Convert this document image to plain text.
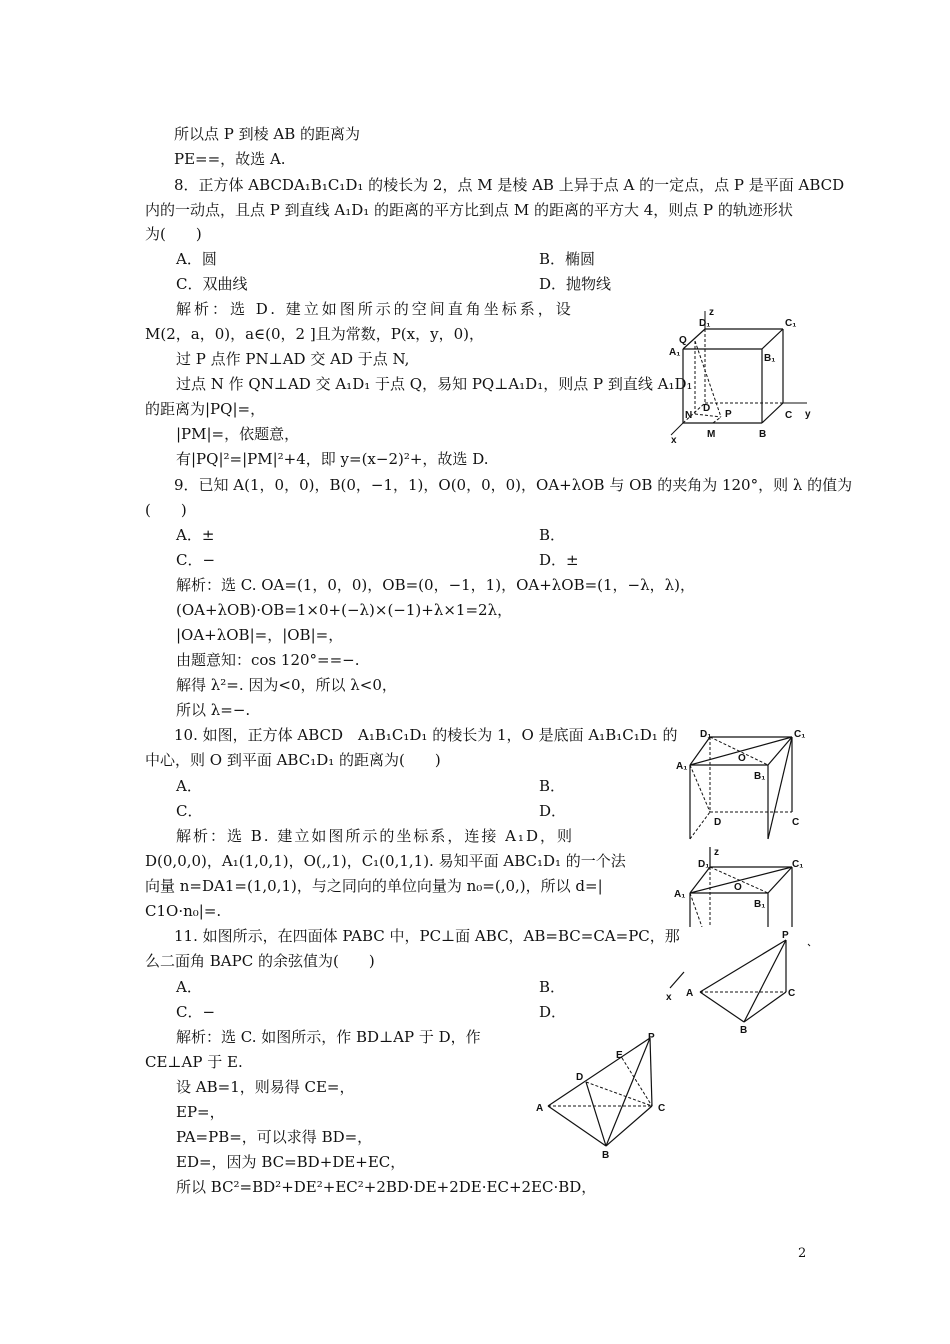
所以点 P 到棱 AB 的距离为
PE==，故选 A.
8．正方体 ABCDA₁B₁C₁D₁ 的棱长为 2，点 M 是棱 AB 上异于点 A 的一定点，点 P 是平面 ABCD
内的一动点，且点 P 到直线 A₁D₁ 的距离的平方比到点 M 的距离的平方大 4，则点 P 的轨迹形状
为(　　)
A．圆	B．椭圆
C．双曲线	D．抛物线
解析：选 D. 建立如图所示的空间直角坐标系，设
M(2，a，0)，a∈(0，2 ]且为常数，P(x，y，0)，
过 P 点作 PN⊥AD 交 AD 于点 N,
过点 N 作 QN⊥AD 交 A₁D₁ 于点 Q，易知 PQ⊥A₁D₁，则点 P 到直线 A₁D₁
的距离为|PQ|=，
|PM|=，依题意，
有|PQ|²=|PM|²+4，即 y=(x−2)²+，故选 D.
9．已知 A(1，0，0)，B(0，−1，1)，O(0，0，0)，OA+λOB 与 OB 的夹角为 120°，则 λ 的值为
(　　)
A．±	B．
C．−	D．±
解析：选 C. OA=(1，0，0)，OB=(0，−1，1)，OA+λOB=(1，−λ，λ)，
(OA+λOB)·OB=1×0+(−λ)×(−1)+λ×1=2λ，
|OA+λOB|=，|OB|=，
由题意知：cos 120°==−.
解得 λ²=. 因为<0，所以 λ<0，
所以 λ=−.
10. 如图，正方体 ABCD　A₁B₁C₁D₁ 的棱长为 1，O 是底面 A₁B₁C₁D₁ 的
中心，则 O 到平面 ABC₁D₁ 的距离为(　　)
A．	B．
C．	D．
解析：选 B. 建立如图所示的坐标系，连接 A₁D，则
D(0,0,0)，A₁(1,0,1)，O(,,1)，C₁(0,1,1). 易知平面 ABC₁D₁ 的一个法
向量 n=DA1=(1,0,1)，与之同向的单位向量为 n₀=(,0,)，所以 d=|
C1O·n₀|=.
11. 如图所示，在四面体 PABC 中，PC⊥面 ABC，AB=BC=CA=PC，那
么二面角 BAPC 的余弦值为(　　)
A．	B．
C．−	D．
解析：选 C. 如图所示，作 BD⊥AP 于 D，作
CE⊥AP 于 E.
设 AB=1，则易得 CE=，
EP=，
PA=PB=，可以求得 BD=，
ED=，因为 BC=BD+DE+EC，
所以 BC²=BD²+DE²+EC²+2BD·DE+2DE·EC+2EC·BD，
z
D₁	C₁
Q
A₁
B₁
N
D
P	C y
x
M	B
D₁	C₁
A₁
O
B₁
D	C
z
D₁	C₁
A₁
O
B₁
P
A	C
B
x
P
E
D
A	C
B
2
